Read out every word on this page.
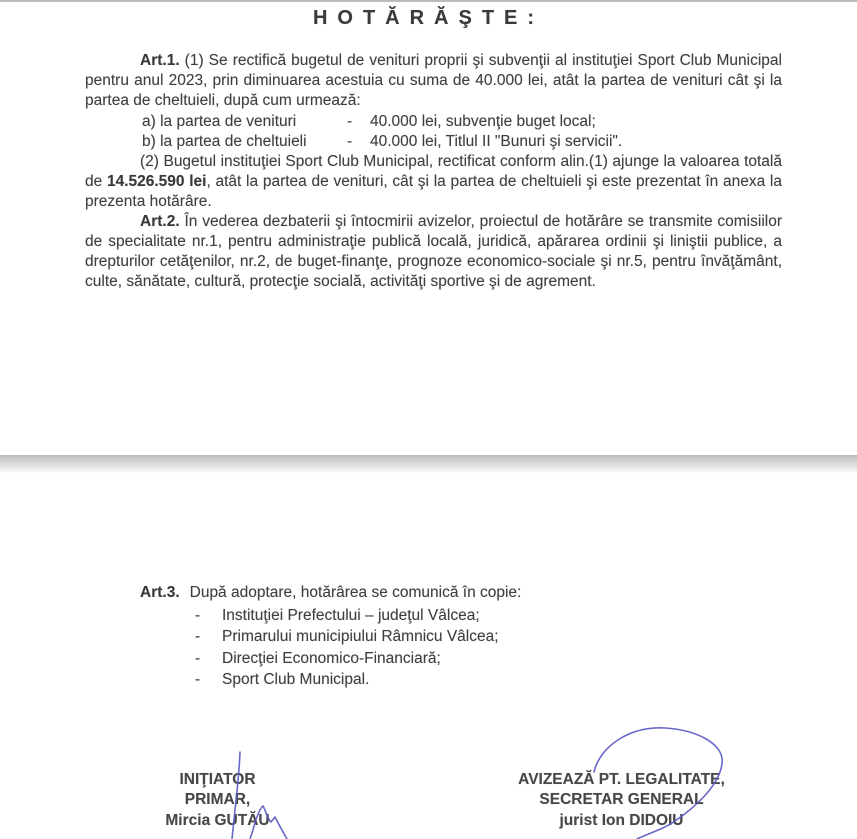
HOTĂRĂŞTE:
Art.1. (1) Se rectifică bugetul de venituri proprii şi subvenţii al instituţiei Sport Club Municipal pentru anul 2023, prin diminuarea acestuia cu suma de 40.000 lei, atât la partea de venituri cât şi la partea de cheltuieli, după cum urmează:
a) la partea de venituri	- 40.000 lei, subvenţie buget local;
b) la partea de cheltuieli	- 40.000 lei, Titlul II "Bunuri şi servicii".
(2) Bugetul instituţiei Sport Club Municipal, rectificat conform alin.(1) ajunge la valoarea totală de 14.526.590 lei, atât la partea de venituri, cât şi la partea de cheltuieli şi este prezentat în anexa la prezenta hotărâre.
Art.2. În vederea dezbaterii şi întocmirii avizelor, proiectul de hotărâre se transmite comisiilor de specialitate nr.1, pentru administraţie publică locală, juridică, apărarea ordinii şi liniştii publice, a drepturilor cetăţenilor, nr.2, de buget-finanţe, prognoze economico-sociale şi nr.5, pentru învăţământ, culte, sănătate, cultură, protecţie socială, activităţi sportive şi de agrement.
Art.3. După adoptare, hotărârea se comunică în copie:
- Instituţiei Prefectului – judeţul Vâlcea;
- Primarului municipiului Râmnicu Vâlcea;
- Direcţiei Economico-Financiară;
- Sport Club Municipal.
INIŢIATOR
PRIMAR,
Mircia GUTĂU
AVIZEAZĂ PT. LEGALITATE,
SECRETAR GENERAL
jurist Ion DIDOIU
